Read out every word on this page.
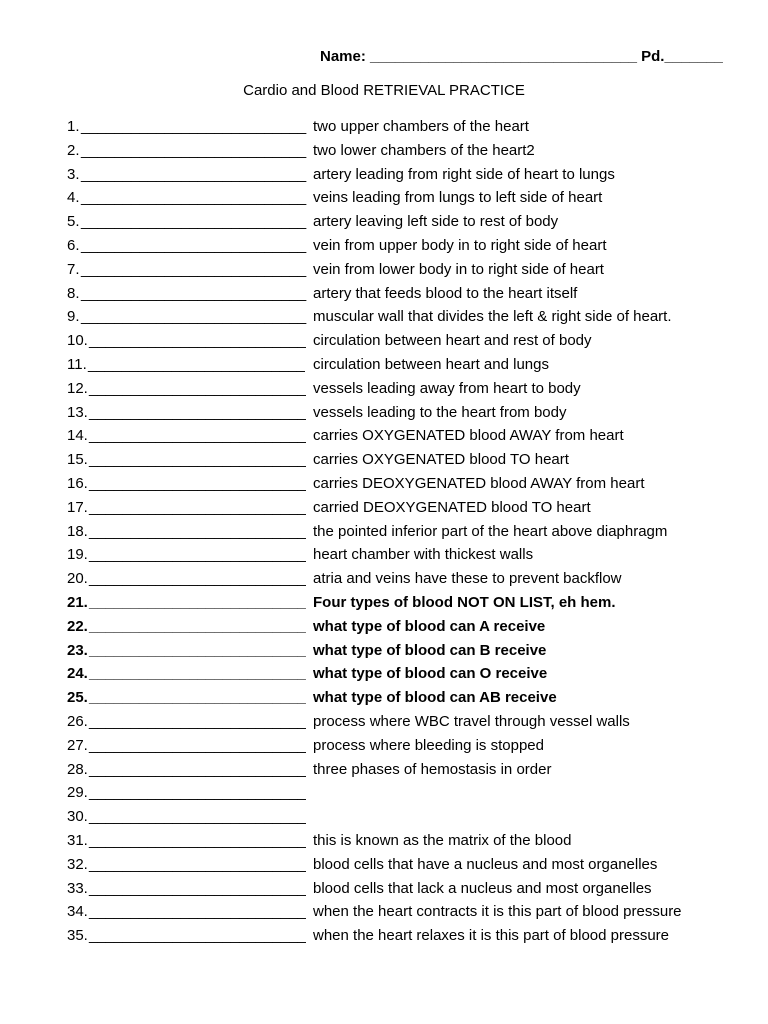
Name: ________________________________ Pd._______
Cardio and Blood RETRIEVAL PRACTICE
1. ___________________________ two upper chambers of the heart
2. ___________________________ two lower chambers of the heart2
3. ___________________________ artery leading from right side of heart to lungs
4. ___________________________ veins leading from lungs to left side of heart
5. ___________________________ artery leaving left side to rest of body
6. ___________________________ vein from upper body in to right side of heart
7. ___________________________ vein from lower body in to right side of heart
8. ___________________________ artery that feeds blood to the heart itself
9. ___________________________ muscular wall that divides the left & right side of heart.
10. __________________________ circulation between heart and rest of body
11. __________________________ circulation between heart and lungs
12. __________________________ vessels leading away from heart to body
13. __________________________ vessels leading to the heart from body
14. __________________________ carries OXYGENATED blood AWAY from heart
15. __________________________ carries OXYGENATED blood TO heart
16. __________________________ carries DEOXYGENATED blood AWAY from heart
17. __________________________ carried DEOXYGENATED blood TO heart
18. __________________________ the pointed inferior part of the heart above diaphragm
19. __________________________ heart chamber with thickest walls
20. __________________________ atria and veins have these to prevent backflow
21. __________________________ Four types of blood NOT ON LIST, eh hem.
22. __________________________ what type of blood can A receive
23. __________________________ what type of blood can B receive
24. __________________________ what type of blood can O receive
25. __________________________ what type of blood can AB receive
26. __________________________ process where WBC travel through vessel walls
27. __________________________ process where bleeding is stopped
28. __________________________ three phases of hemostasis in order
29. __________________________
30. __________________________
31. __________________________ this is known as the matrix of the blood
32. __________________________ blood cells that have a nucleus and most organelles
33. __________________________ blood cells that lack a nucleus and most organelles
34. __________________________ when the heart contracts it is this part of blood pressure
35. __________________________ when the heart relaxes it is this part of blood pressure
